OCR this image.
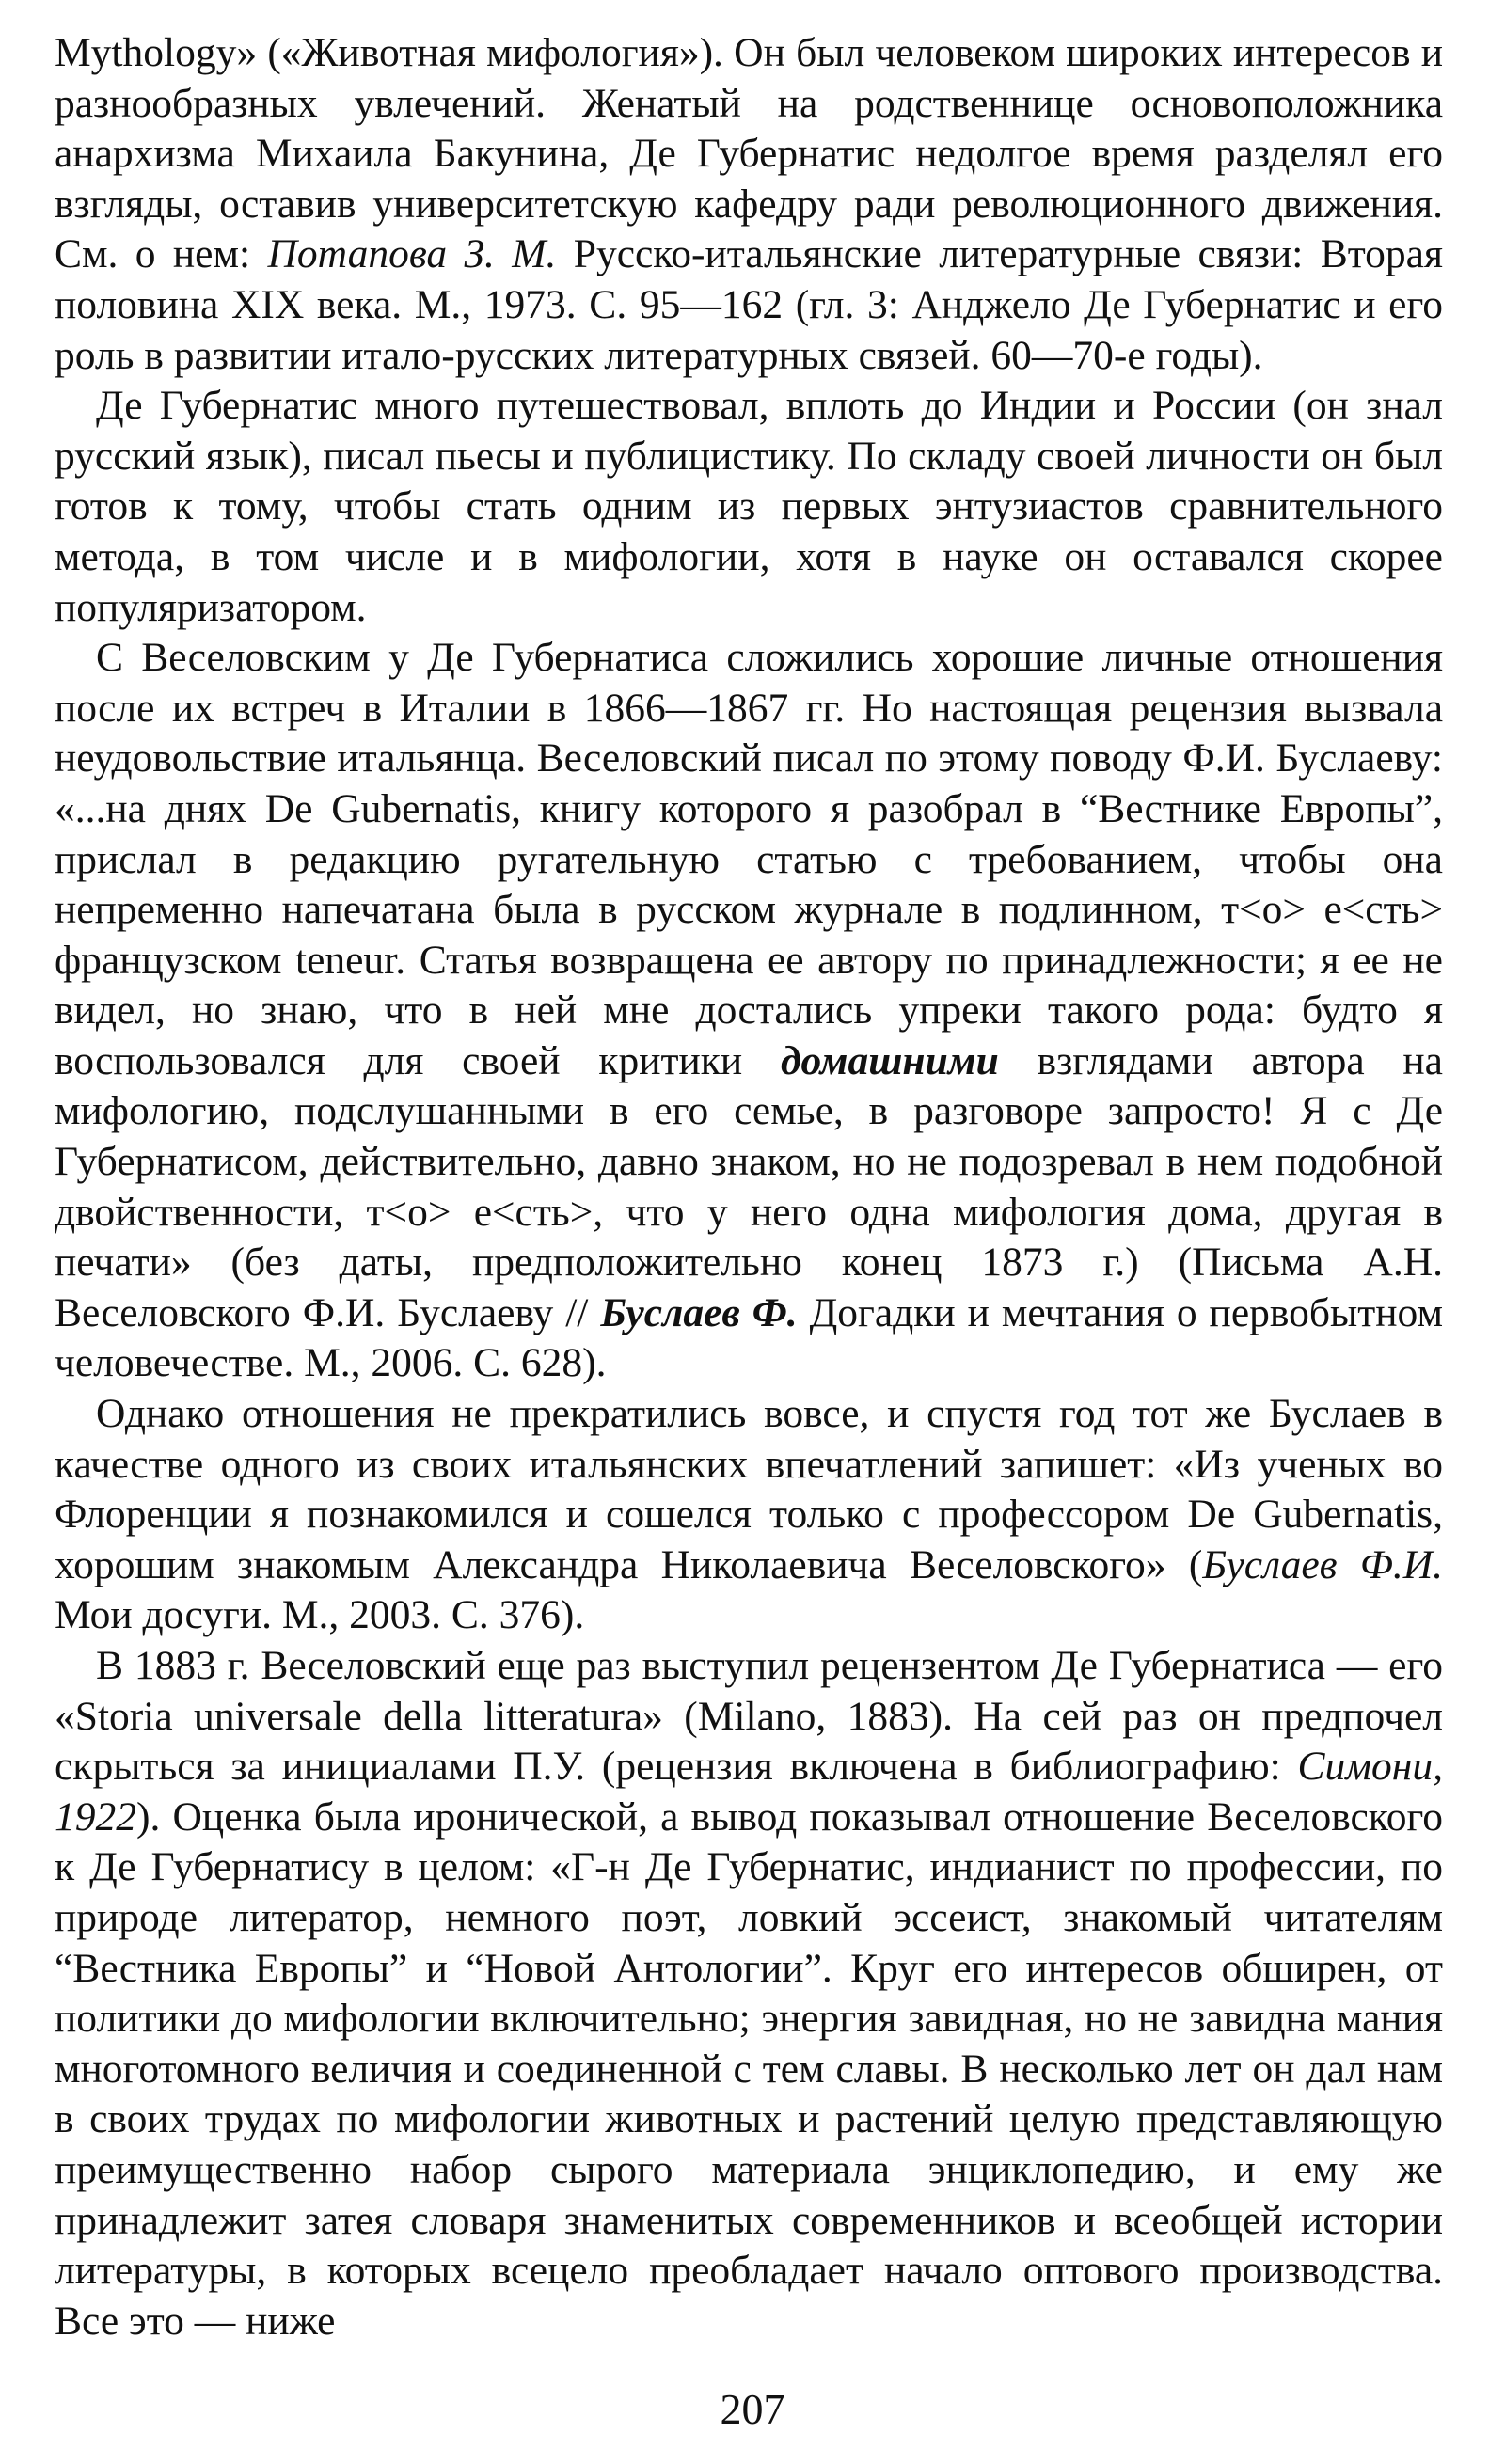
Mythology» («Животная мифология»). Он был человеком широких интересов и разнообразных увлечений. Женатый на родственнице основоположника анархизма Михаила Бакунина, Де Губернатис недолгое время разделял его взгляды, оставив университетскую кафедру ради революционного движения. См. о нем: Потапова З. М. Русско-итальянские литературные связи: Вторая половина XIX века. М., 1973. С. 95—162 (гл. 3: Анджело Де Губернатис и его роль в развитии итало-русских литературных связей. 60—70-е годы).

Де Губернатис много путешествовал, вплоть до Индии и России (он знал русский язык), писал пьесы и публицистику. По складу своей личности он был готов к тому, чтобы стать одним из первых энтузиастов сравнительного метода, в том числе и в мифологии, хотя в науке он оставался скорее популяризатором.

С Веселовским у Де Губернатиса сложились хорошие личные отношения после их встреч в Италии в 1866—1867 гг. Но настоящая рецензия вызвала неудовольствие итальянца. Веселовский писал по этому поводу Ф.И. Буслаеву: «...на днях De Gubernatis, книгу которого я разобрал в “Вестнике Европы”, прислал в редакцию ругательную статью с требованием, чтобы она непременно напечатана была в русском журнале в подлинном, т<о> е<сть> французском teneur. Статья возвращена ее автору по принадлежности; я ее не видел, но знаю, что в ней мне достались упреки такого рода: будто я воспользовался для своей критики домашними взглядами автора на мифологию, подслушанными в его семье, в разговоре запросто! Я с Де Губернатисом, действительно, давно знаком, но не подозревал в нем подобной двойственности, т<о> е<сть>, что у него одна мифология дома, другая в печати» (без даты, предположительно конец 1873 г.) (Письма А.Н. Веселовского Ф.И. Буслаеву // Буслаев Ф. Догадки и мечтания о первобытном человечестве. М., 2006. С. 628).

Однако отношения не прекратились вовсе, и спустя год тот же Буслаев в качестве одного из своих итальянских впечатлений запишет: «Из ученых во Флоренции я познакомился и сошелся только с профессором De Gubernatis, хорошим знакомым Александра Николаевича Веселовского» (Буслаев Ф.И. Мои досуги. М., 2003. С. 376).

В 1883 г. Веселовский еще раз выступил рецензентом Де Губернатиса — его «Storia universale della litteratura» (Milano, 1883). На сей раз он предпочел скрыться за инициалами П.У. (рецензия включена в библиографию: Симони, 1922). Оценка была иронической, а вывод показывал отношение Веселовского к Де Губернатису в целом: «Г-н Де Губернатис, индианист по профессии, по природе литератор, немного поэт, ловкий эссеист, знакомый читателям “Вестника Европы” и “Новой Антологии”. Круг его интересов обширен, от политики до мифологии включительно; энергия завидная, но не завидна мания многотомного величия и соединенной с тем славы. В несколько лет он дал нам в своих трудах по мифологии животных и растений целую представляющую преимущественно набор сырого материала энциклопедию, и ему же принадлежит затея словаря знаменитых современников и всеобщей истории литературы, в которых всецело преобладает начало оптового производства. Все это — ниже

207
